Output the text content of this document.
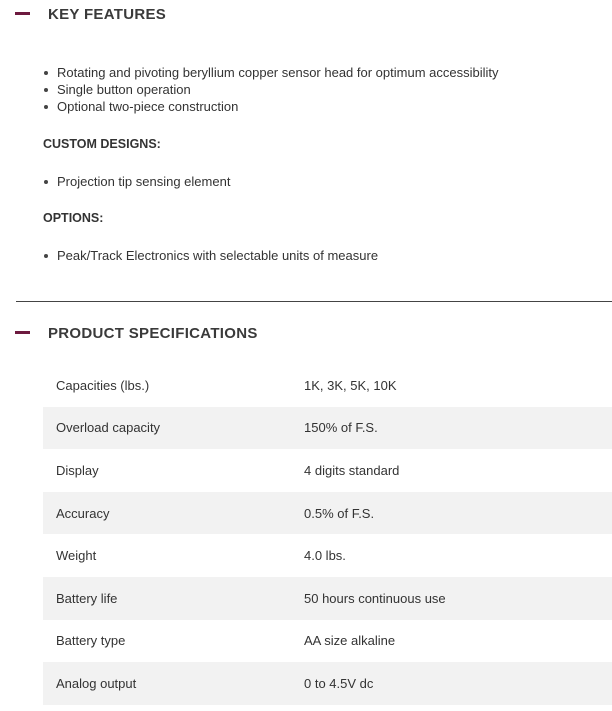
KEY FEATURES
Rotating and pivoting beryllium copper sensor head for optimum accessibility
Single button operation
Optional two-piece construction
CUSTOM DESIGNS:
Projection tip sensing element
OPTIONS:
Peak/Track Electronics with selectable units of measure
PRODUCT SPECIFICATIONS
Capacities (lbs.)	1K, 3K, 5K, 10K
Overload capacity	150% of F.S.
Display	4 digits standard
Accuracy	0.5% of F.S.
Weight	4.0 lbs.
Battery life	50 hours continuous use
Battery type	AA size alkaline
Analog output	0 to 4.5V dc
